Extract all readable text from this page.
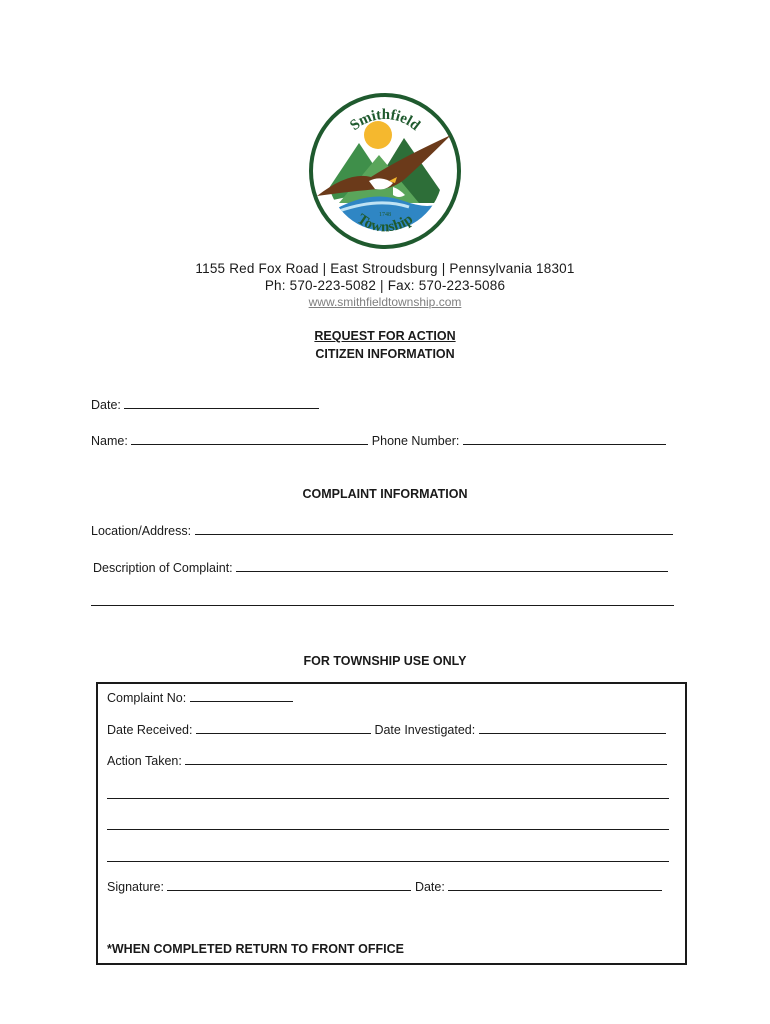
Smithfield
Township
1748
1155 Red Fox Road | East Stroudsburg | Pennsylvania 18301
Ph: 570-223-5082 | Fax: 570-223-5086
www.smithfieldtownship.com
REQUEST FOR ACTION
CITIZEN INFORMATION
Date:
Name:	Phone Number:
COMPLAINT INFORMATION
Location/Address:
Description of Complaint:
FOR TOWNSHIP USE ONLY
Complaint No:
Date Received:	Date Investigated:
Action Taken:
Signature:	Date:
*WHEN COMPLETED RETURN TO FRONT OFFICE
